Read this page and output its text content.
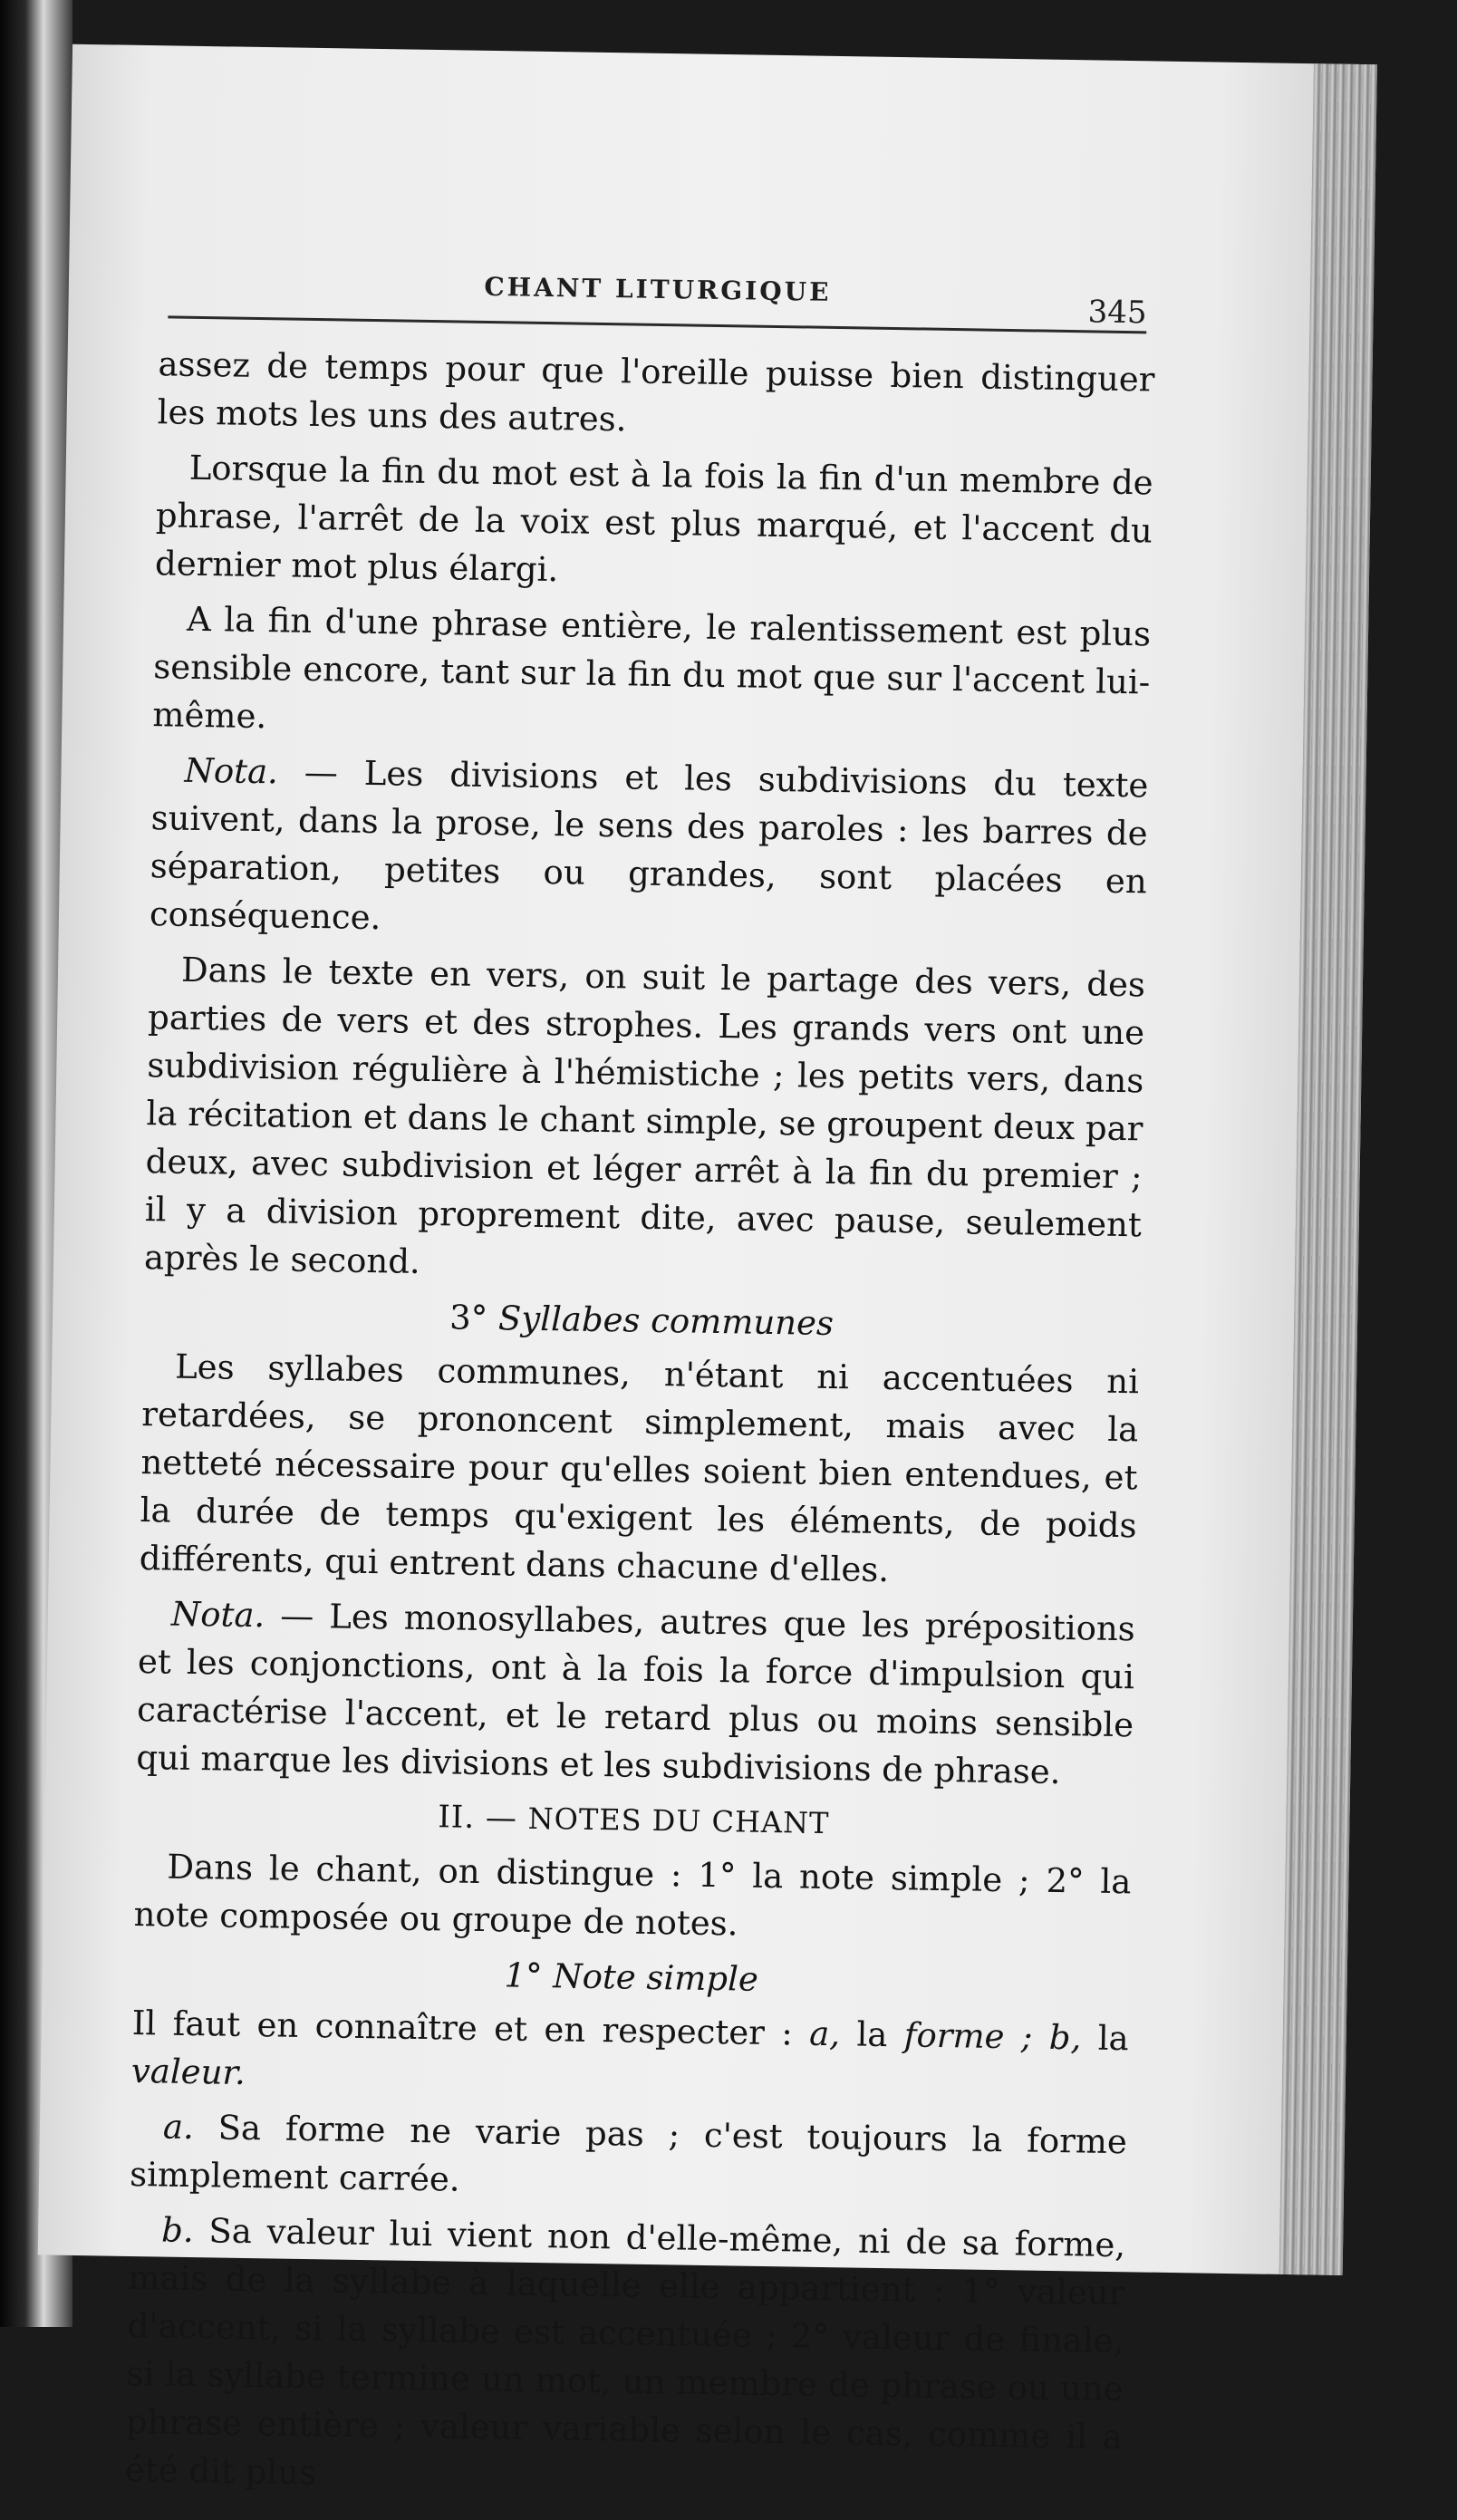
CHANT LITURGIQUE
345

assez de temps pour que l'oreille puisse bien distinguer les mots les uns des autres.

Lorsque la fin du mot est à la fois la fin d'un membre de phrase, l'arrêt de la voix est plus marqué, et l'accent du dernier mot plus élargi.

A la fin d'une phrase entière, le ralentissement est plus sensible encore, tant sur la fin du mot que sur l'accent lui-même.

Nota. — Les divisions et les subdivisions du texte suivent, dans la prose, le sens des paroles : les barres de séparation, petites ou grandes, sont placées en conséquence.

Dans le texte en vers, on suit le partage des vers, des parties de vers et des strophes. Les grands vers ont une subdivision régulière à l'hémistiche ; les petits vers, dans la récitation et dans le chant simple, se groupent deux par deux, avec subdivision et léger arrêt à la fin du premier ; il y a division proprement dite, avec pause, seulement après le second.

3° Syllabes communes

Les syllabes communes, n'étant ni accentuées ni retardées, se prononcent simplement, mais avec la netteté nécessaire pour qu'elles soient bien entendues, et la durée de temps qu'exigent les éléments, de poids différents, qui entrent dans chacune d'elles.

Nota. — Les monosyllabes, autres que les prépositions et les conjonctions, ont à la fois la force d'impulsion qui caractérise l'accent, et le retard plus ou moins sensible qui marque les divisions et les subdivisions de phrase.

II. — NOTES DU CHANT

Dans le chant, on distingue : 1° la note simple ; 2° la note composée ou groupe de notes.

1° Note simple

Il faut en connaître et en respecter : a, la forme ; b, la valeur.

a. Sa forme ne varie pas ; c'est toujours la forme simplement carrée.

b. Sa valeur lui vient non d'elle-même, ni de sa forme, mais de la syllabe à laquelle elle appartient : 1° valeur d'accent, si la syllabe est accentuée ; 2° valeur de finale, si la syllabe termine un mot, un membre de phrase ou une phrase entière ; valeur variable selon le cas, comme il a été dit plus
